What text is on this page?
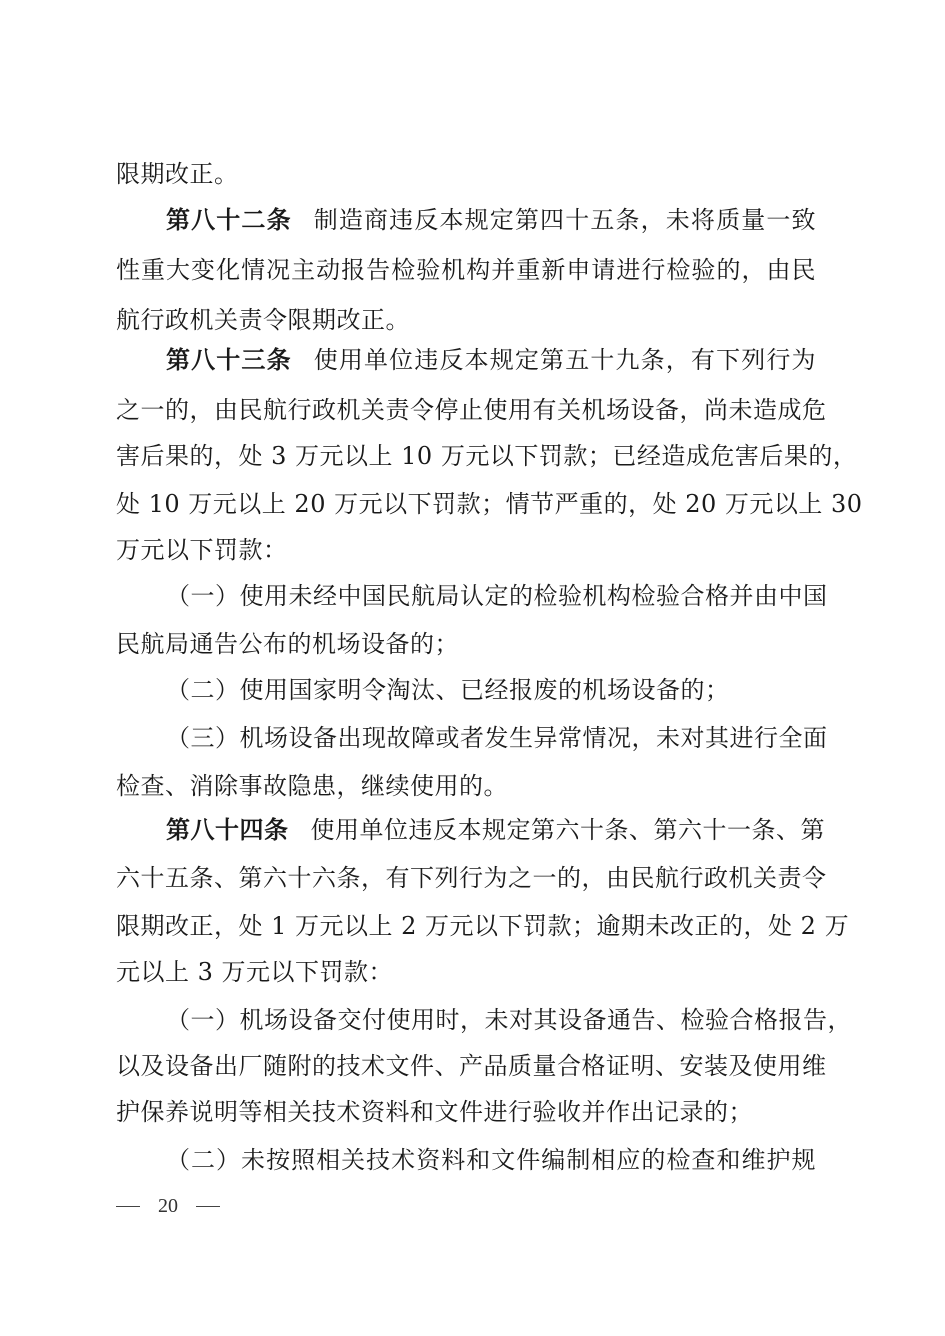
限期改正。
第八十二条 制造商违反本规定第四十五条，未将质量一致
性重大变化情况主动报告检验机构并重新申请进行检验的，由民
航行政机关责令限期改正。
第八十三条 使用单位违反本规定第五十九条，有下列行为
之一的，由民航行政机关责令停止使用有关机场设备，尚未造成危
害后果的，处 3 万元以上 10 万元以下罚款；已经造成危害后果的，
处 10 万元以上 20 万元以下罚款；情节严重的，处 20 万元以上 30
万元以下罚款：
（一）使用未经中国民航局认定的检验机构检验合格并由中国
民航局通告公布的机场设备的；
（二）使用国家明令淘汰、已经报废的机场设备的；
（三）机场设备出现故障或者发生异常情况，未对其进行全面
检查、消除事故隐患，继续使用的。
第八十四条 使用单位违反本规定第六十条、第六十一条、第
六十五条、第六十六条，有下列行为之一的，由民航行政机关责令
限期改正，处 1 万元以上 2 万元以下罚款；逾期未改正的，处 2 万
元以上 3 万元以下罚款：
（一）机场设备交付使用时，未对其设备通告、检验合格报告，
以及设备出厂随附的技术文件、产品质量合格证明、安装及使用维
护保养说明等相关技术资料和文件进行验收并作出记录的；
（二）未按照相关技术资料和文件编制相应的检查和维护规
20
